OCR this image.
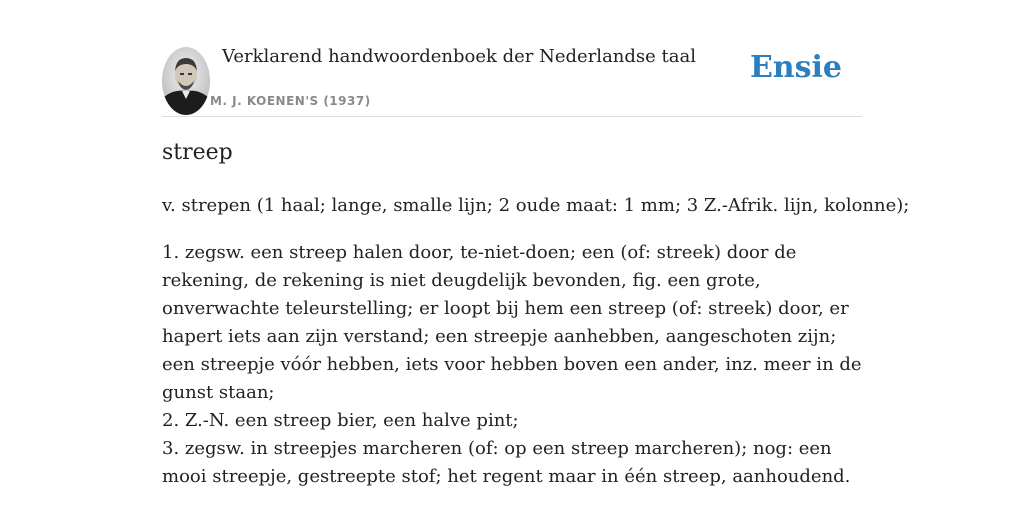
Verklarend handwoordenboek der Nederlandse taal
M. J. KOENEN'S (1937)
Ensie
streep

v. strepen (1 haal; lange, smalle lijn; 2 oude maat: 1 mm; 3 Z.-Afrik. lijn, kolonne);

1. zegsw. een streep halen door, te-niet-doen; een (of: streek) door de rekening, de rekening is niet deugdelijk bevonden, fig. een grote, onverwachte teleurstelling; er loopt bij hem een streep (of: streek) door, er hapert iets aan zijn verstand; een streepje aanhebben, aangeschoten zijn; een streepje vóór hebben, iets voor hebben boven een ander, inz. meer in de gunst staan;
2. Z.-N. een streep bier, een halve pint;
3. zegsw. in streepjes marcheren (of: op een streep marcheren); nog: een mooi streepje, gestreepte stof; het regent maar in één streep, aanhoudend.
